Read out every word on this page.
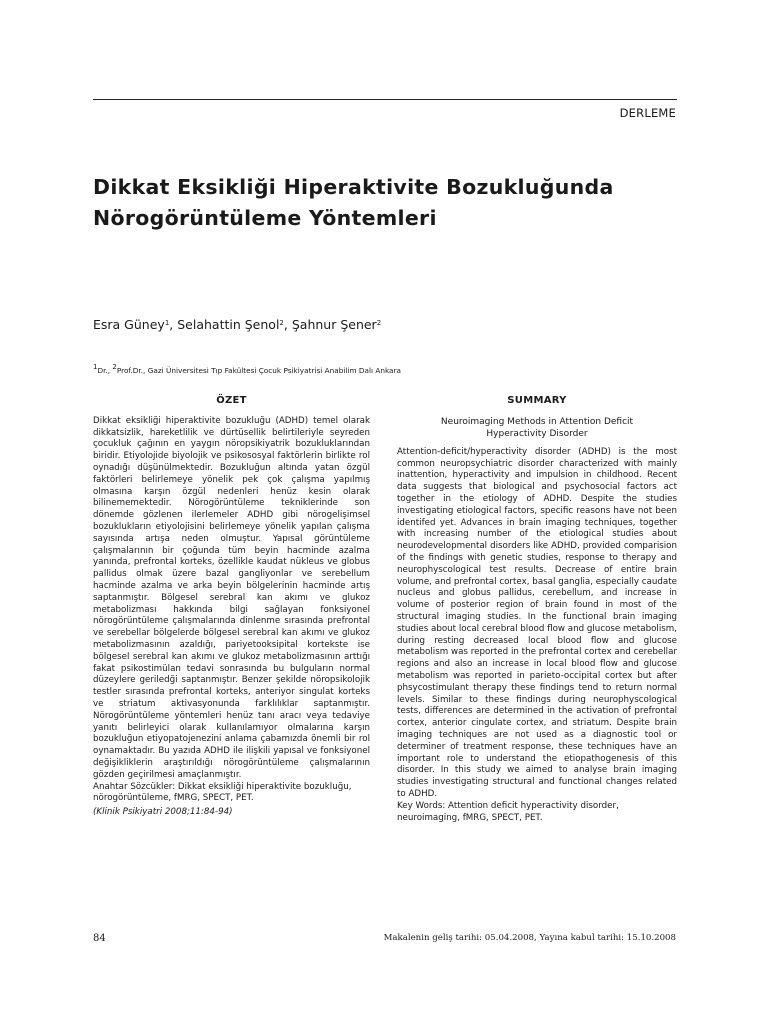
DERLEME
Dikkat Eksikliği Hiperaktivite Bozukluğunda Nörogörüntüleme Yöntemleri
Esra Güney$^1$, Selahattin Şenol$^2$, Şahnur Şener$^2$
$^1$Dr., $^2$Prof.Dr., Gazi Üniversitesi Tıp Fakültesi Çocuk Psikiyatrisi Anabilim Dalı Ankara
ÖZET

Dikkat eksikliği hiperaktivite bozukluğu (ADHD) temel olarak dikkatsizlik, hareketlilik ve dürtüsellik belirtileriyle seyreden çocukluk çağının en yaygın nöropsikiyatrik bozukluklarından biridir. Etiyolojide biyolojik ve psikososyal faktörlerin birlikte rol oynadığı düşünülmektedir. Bozukluğun altında yatan özgül faktörleri belirlemeye yönelik pek çok çalışma yapılmış olmasına karşın özgül nedenleri henüz kesin olarak bilinememektedir. Nörogörüntüleme tekniklerinde son dönemde gözlenen ilerlemeler ADHD gibi nörogelişimsel bozuklukların etiyolojisini belirlemeye yönelik yapılan çalışma sayısında artışa neden olmuştur. Yapısal görüntüleme çalışmalarının bir çoğunda tüm beyin hacminde azalma yanında, prefrontal korteks, özellikle kaudat nükleus ve globus pallidus olmak üzere bazal gangliyonlar ve serebellum hacminde azalma ve arka beyin bölgelerinin hacminde artış saptanmıştır. Bölgesel serebral kan akımı ve glukoz metabolizması hakkında bilgi sağlayan fonksiyonel nörogörüntüleme çalışmalarında dinlenme sırasında prefrontal ve serebellar bölgelerde bölgesel serebral kan akımı ve glukoz metabolizmasının azaldığı, pariyetooksipital kortekste ise bölgesel serebral kan akımı ve glukoz metabolizmasının arttığı fakat psikostimülan tedavi sonrasında bu bulguların normal düzeylere geriledği saptanmıştır. Benzer şekilde nöropsikolojik testler sırasında prefrontal korteks, anteriyor singulat korteks ve striatum aktivasyonunda farklılıklar saptanmıştır. Nörogörüntüleme yöntemleri henüz tanı aracı veya tedaviye yanıtı belirleyici olarak kullanılamıyor olmalarına karşın bozukluğun etiyopatojenezini anlama çabamızda önemli bir rol oynamaktadır. Bu yazıda ADHD ile ilişkili yapısal ve fonksiyonel değişikliklerin araştırıldığı nörogörüntüleme çalışmalarının gözden geçirilmesi amaçlanmıştır.

Anahtar Sözcükler: Dikkat eksikliği hiperaktivite bozukluğu, nörogörüntüleme, fMRG, SPECT, PET.

(Klinik Psikiyatri 2008;11:84-94)

SUMMARY
Neuroimaging Methods in Attention Deficit Hyperactivity Disorder

Attention-deficit/hyperactivity disorder (ADHD) is the most common neuropsychiatric disorder characterized with mainly inattention, hyperactivity and impulsion in childhood. Recent data suggests that biological and psychosocial factors act together in the etiology of ADHD. Despite the studies investigating etiological factors, specific reasons have not been identifed yet. Advances in brain imaging techniques, together with increasing number of the etiological studies about neurodevelopmental disorders like ADHD, provided comparision of the findings with genetic studies, response to therapy and neurophyscological test results. Decrease of entire brain volume, and prefrontal cortex, basal ganglia, especially caudate nucleus and globus pallidus, cerebellum, and increase in volume of posterior region of brain found in most of the structural imaging studies. In the functional brain imaging studies about local cerebral blood flow and glucose metabolism, during resting decreased local blood flow and glucose metabolism was reported in the prefrontal cortex and cerebellar regions and also an increase in local blood flow and glucose metabolism was reported in parieto-occipital cortex but after phsycostimulant therapy these findings tend to return normal levels. Similar to these findings during neurophyscological tests, differences are determined in the activation of prefrontal cortex, anterior cingulate cortex, and striatum. Despite brain imaging techniques are not used as a diagnostic tool or determiner of treatment response, these techniques have an important role to understand the etiopathogenesis of this disorder. In this study we aimed to analyse brain imaging studies investigating structural and functional changes related to ADHD.

Key Words: Attention deficit hyperactivity disorder, neuroimaging, fMRG, SPECT, PET.

84	Makalenin geliş tarihi: 05.04.2008, Yayına kabul tarihi: 15.10.2008
